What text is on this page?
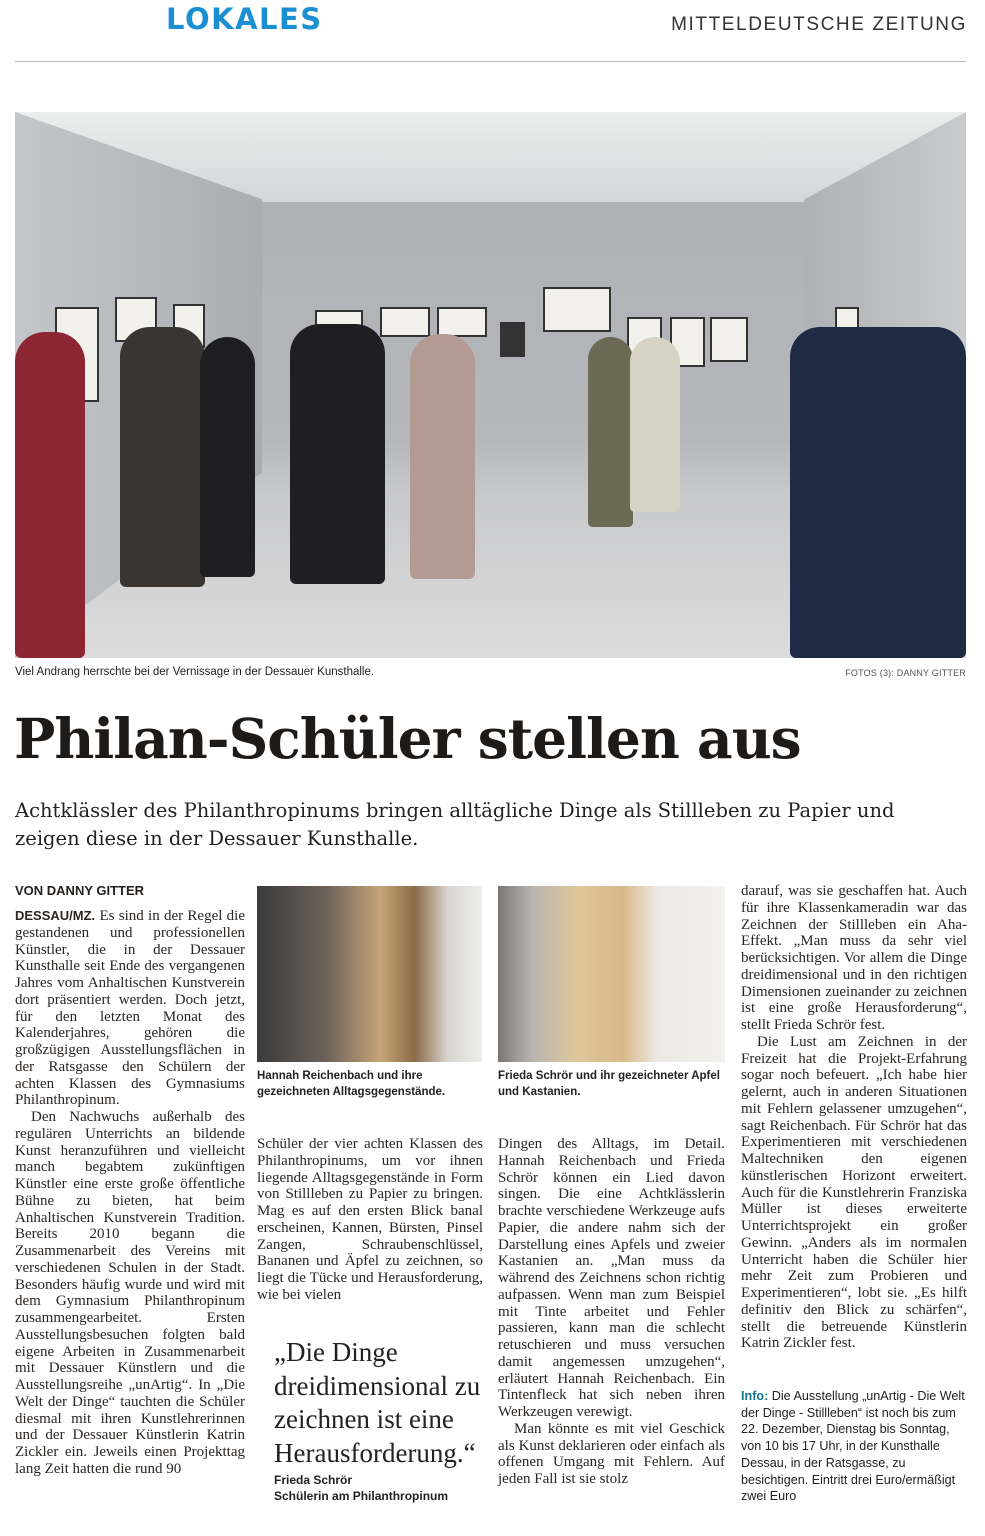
LOKALES	MITTELDEUTSCHE ZEITUNG
Viel Andrang herrschte bei der Vernissage in der Dessauer Kunsthalle.	FOTOS (3): DANNY GITTER
Philan-Schüler stellen aus
Achtklässler des Philanthropinums bringen alltägliche Dinge als Stillleben zu Papier und zeigen diese in der Dessauer Kunsthalle.
VON DANNY GITTER

DESSAU/MZ. Es sind in der Regel die gestandenen und professionellen Künstler, die in der Dessauer Kunsthalle seit Ende des vergangenen Jahres vom Anhaltischen Kunstverein dort präsentiert werden. Doch jetzt, für den letzten Monat des Kalenderjahres, gehören die großzügigen Ausstellungsflächen in der Ratsgasse den Schülern der achten Klassen des Gymnasiums Philanthropinum.

Den Nachwuchs außerhalb des regulären Unterrichts an bildende Kunst heranzuführen und vielleicht manch begabtem zukünftigen Künstler eine erste große öffentliche Bühne zu bieten, hat beim Anhaltischen Kunstverein Tradition. Bereits 2010 begann die Zusammenarbeit des Vereins mit verschiedenen Schulen in der Stadt. Besonders häufig wurde und wird mit dem Gymnasium Philanthropinum zusammengearbeitet. Ersten Ausstellungsbesuchen folgten bald eigene Arbeiten in Zusammenarbeit mit Dessauer Künstlern und die Ausstellungsreihe „unArtig“. In „Die Welt der Dinge“ tauchten die Schüler diesmal mit ihren Kunstlehrerinnen und der Dessauer Künstlerin Katrin Zickler ein. Jeweils einen Projekttag lang Zeit hatten die rund 90

Hannah Reichenbach und ihre gezeichneten Alltagsgegenstände.
Frieda Schrör und ihr gezeichneter Apfel und Kastanien.

Schüler der vier achten Klassen des Philanthropinums, um vor ihnen liegende Alltagsgegenstände in Form von Stillleben zu Papier zu bringen. Mag es auf den ersten Blick banal erscheinen, Kannen, Bürsten, Pinsel Zangen, Schraubenschlüssel, Bananen und Äpfel zu zeichnen, so liegt die Tücke und Herausforderung, wie bei vielen

„Die Dinge dreidimensional zu zeichnen ist eine Herausforderung.“
Frieda Schrör
Schülerin am Philanthropinum

Dingen des Alltags, im Detail. Hannah Reichenbach und Frieda Schrör können ein Lied davon singen. Die eine Achtklässlerin brachte verschiedene Werkzeuge aufs Papier, die andere nahm sich der Darstellung eines Apfels und zweier Kastanien an. „Man muss da während des Zeichnens schon richtig aufpassen. Wenn man zum Beispiel mit Tinte arbeitet und Fehler passieren, kann man die schlecht retuschieren und muss versuchen damit angemessen umzugehen“, erläutert Hannah Reichenbach. Ein Tintenfleck hat sich neben ihren Werkzeugen verewigt.

Man könnte es mit viel Geschick als Kunst deklarieren oder einfach als offenen Umgang mit Fehlern. Auf jeden Fall ist sie stolz

darauf, was sie geschaffen hat. Auch für ihre Klassenkameradin war das Zeichnen der Stillleben ein Aha-Effekt. „Man muss da sehr viel berücksichtigen. Vor allem die Dinge dreidimensional und in den richtigen Dimensionen zueinander zu zeichnen ist eine große Herausforderung“, stellt Frieda Schrör fest.

Die Lust am Zeichnen in der Freizeit hat die Projekt-Erfahrung sogar noch befeuert. „Ich habe hier gelernt, auch in anderen Situationen mit Fehlern gelassener umzugehen“, sagt Reichenbach. Für Schrör hat das Experimentieren mit verschiedenen Maltechniken den eigenen künstlerischen Horizont erweitert. Auch für die Kunstlehrerin Franziska Müller ist dieses erweiterte Unterrichtsprojekt ein großer Gewinn. „Anders als im normalen Unterricht haben die Schüler hier mehr Zeit zum Probieren und Experimentieren“, lobt sie. „Es hilft definitiv den Blick zu schärfen“, stellt die betreuende Künstlerin Katrin Zickler fest.

Info: Die Ausstellung „unArtig - Die Welt der Dinge - Stillleben“ ist noch bis zum 22. Dezember, Dienstag bis Sonntag, von 10 bis 17 Uhr, in der Kunsthalle Dessau, in der Ratsgasse, zu besichtigen. Eintritt drei Euro/ermäßigt zwei Euro
